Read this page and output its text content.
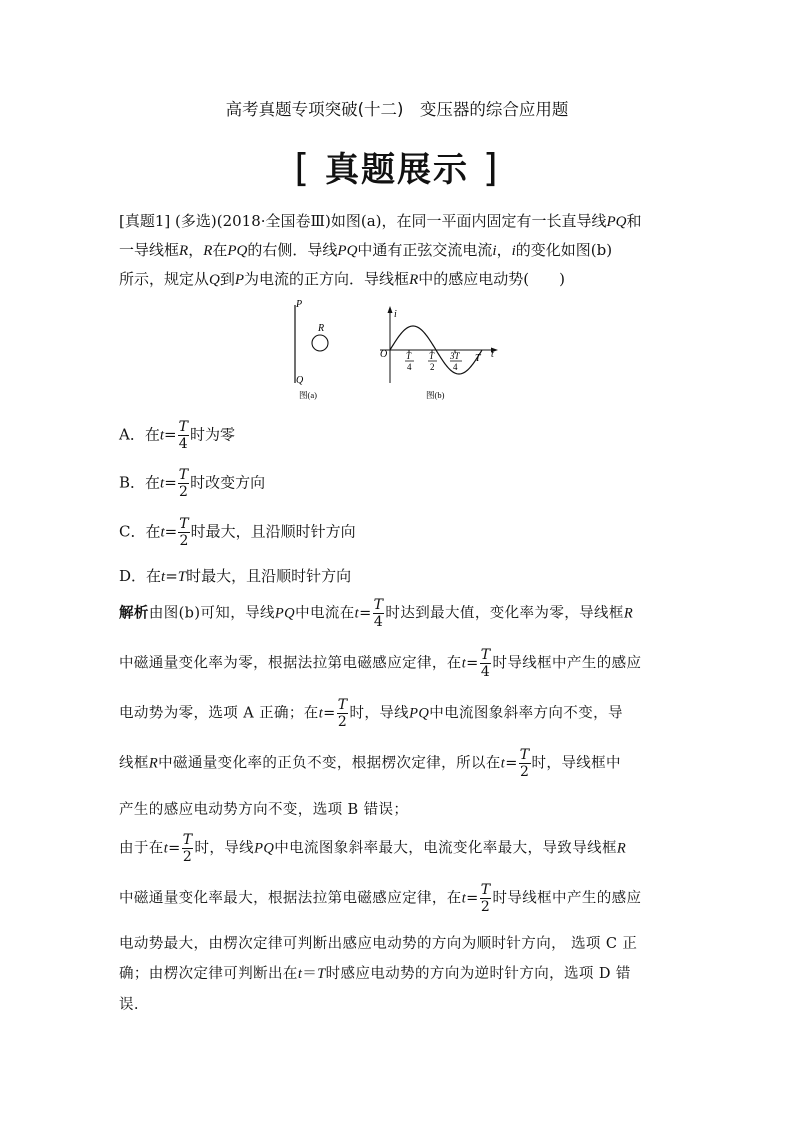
高考真题专项突破(十二)　变压器的综合应用题
[ 真题展示 ]
[真题1] (多选)(2018·全国卷Ⅲ)如图(a)，在同一平面内固定有一长直导线PQ和
一导线框R，R在PQ的右侧．导线PQ中通有正弦交流电流i，i的变化如图(b)
所示，规定从Q到P为电流的正方向．导线框R中的感应电动势(　　)
P
Q
R
图(a)
i
t
O T
4
T
2
3T
4
T
图(b)
A．在$t= \frac{T}{4}$ 时为零
B．在$t= \frac{T}{2}$ 时改变方向
C．在$t= \frac{T}{2}$ 时最大，且沿顺时针方向
D．在t=T时最大，且沿顺时针方向
解析由图(b)可知，导线PQ中电流在$t= \frac{T}{4}$ 时达到最大值，变化率为零，导线框R
中磁通量变化率为零，根据法拉第电磁感应定律，在$t= \frac{T}{4}$ 时导线框中产生的感应
电动势为零，选项 A 正确；在$t= \frac{T}{2}$ 时，导线PQ中电流图象斜率方向不变，导
线框R中磁通量变化率的正负不变，根据楞次定律，所以在$t= \frac{T}{2}$ 时，导线框中
产生的感应电动势方向不变，选项 B 错误；
由于在$t= \frac{T}{2}$ 时，导线PQ中电流图象斜率最大，电流变化率最大，导致导线框R
中磁通量变化率最大，根据法拉第电磁感应定律，在$t= \frac{T}{2}$ 时导线框中产生的感应
电动势最大，由楞次定律可判断出感应电动势的方向为顺时针方向， 选项 C 正
确；由楞次定律可判断出在t＝T时感应电动势的方向为逆时针方向，选项 D 错
误.
